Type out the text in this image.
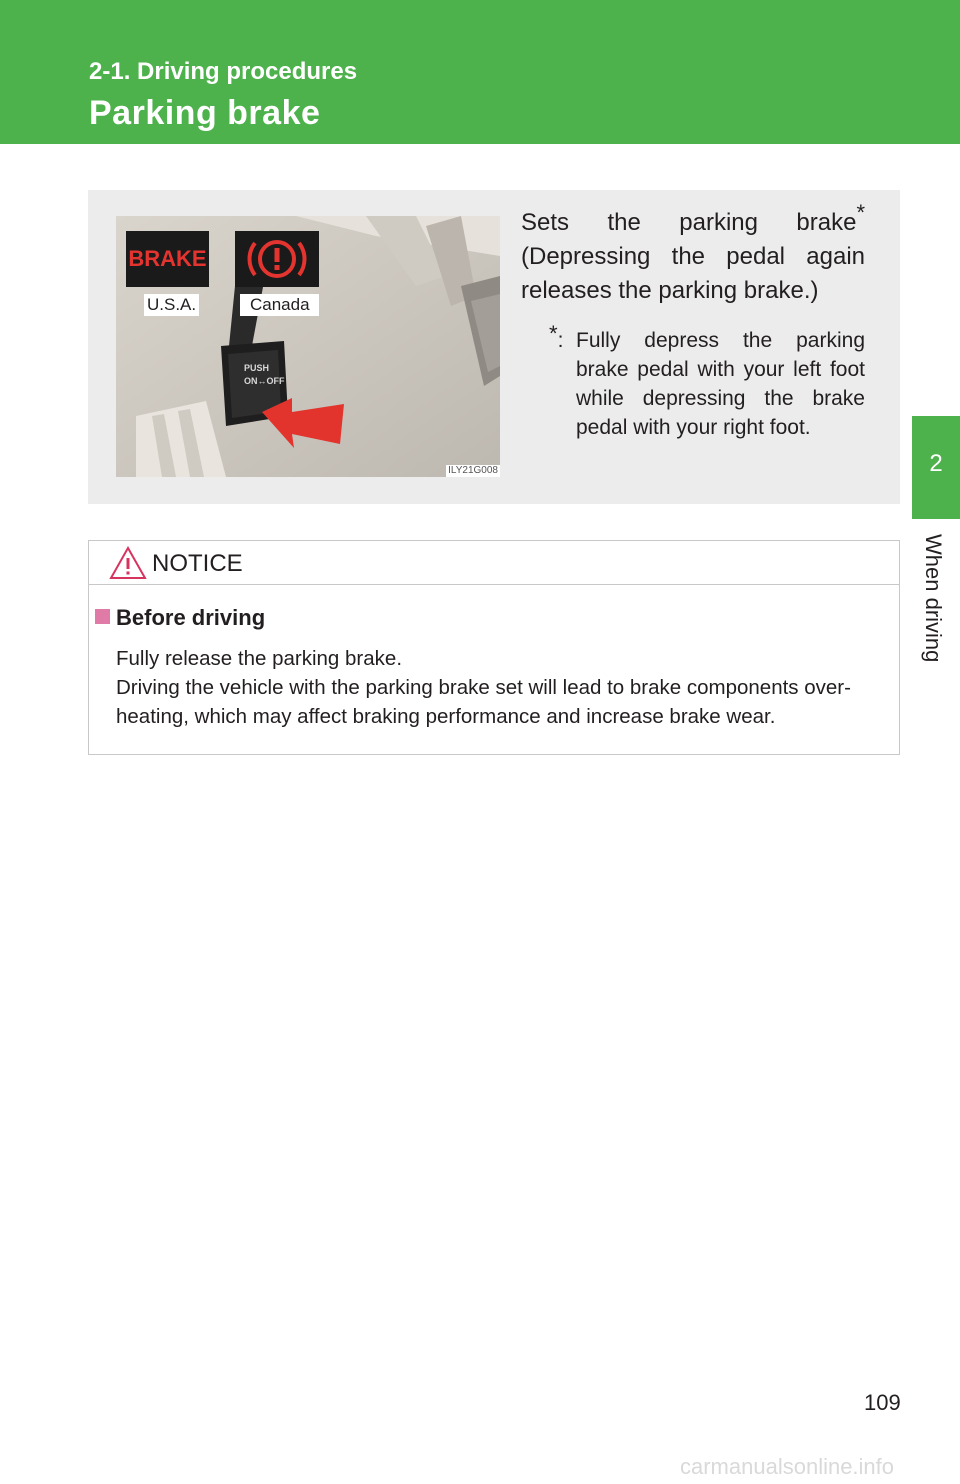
2-1. Driving procedures
Parking brake
2
When driving
BRAKE
U.S.A.	Canada
ILY21G008
PUSH
ON↔OFF
Sets the parking brake* (Depressing the pedal again releases the parking brake.)
*: Fully depress the parking brake pedal with your left foot while depressing the brake pedal with your right foot.
NOTICE
Before driving
Fully release the parking brake.
Driving the vehicle with the parking brake set will lead to brake components over-heating, which may affect braking performance and increase brake wear.
109
carmanualsonline.info
